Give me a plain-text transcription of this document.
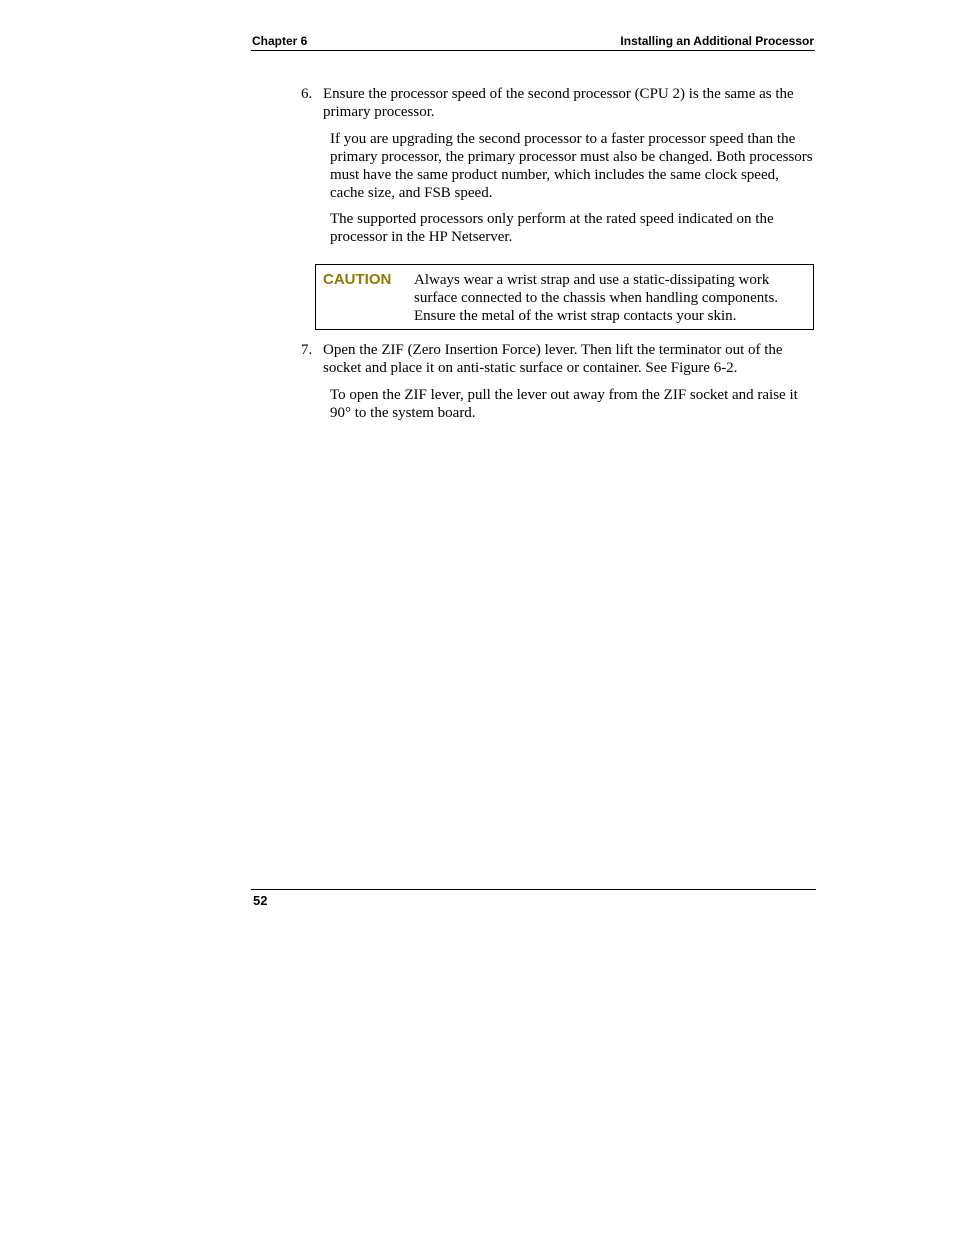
Chapter 6	Installing an Additional Processor
6. Ensure the processor speed of the second processor (CPU 2) is the same as the primary processor.
If you are upgrading the second processor to a faster processor speed than the primary processor, the primary processor must also be changed. Both processors must have the same product number, which includes the same clock speed, cache size, and FSB speed.
The supported processors only perform at the rated speed indicated on the processor in the HP Netserver.
CAUTION Always wear a wrist strap and use a static-dissipating work surface connected to the chassis when handling components. Ensure the metal of the wrist strap contacts your skin.
7. Open the ZIF (Zero Insertion Force) lever. Then lift the terminator out of the socket and place it on anti-static surface or container. See Figure 6-2.
To open the ZIF lever, pull the lever out away from the ZIF socket and raise it 90° to the system board.
52
